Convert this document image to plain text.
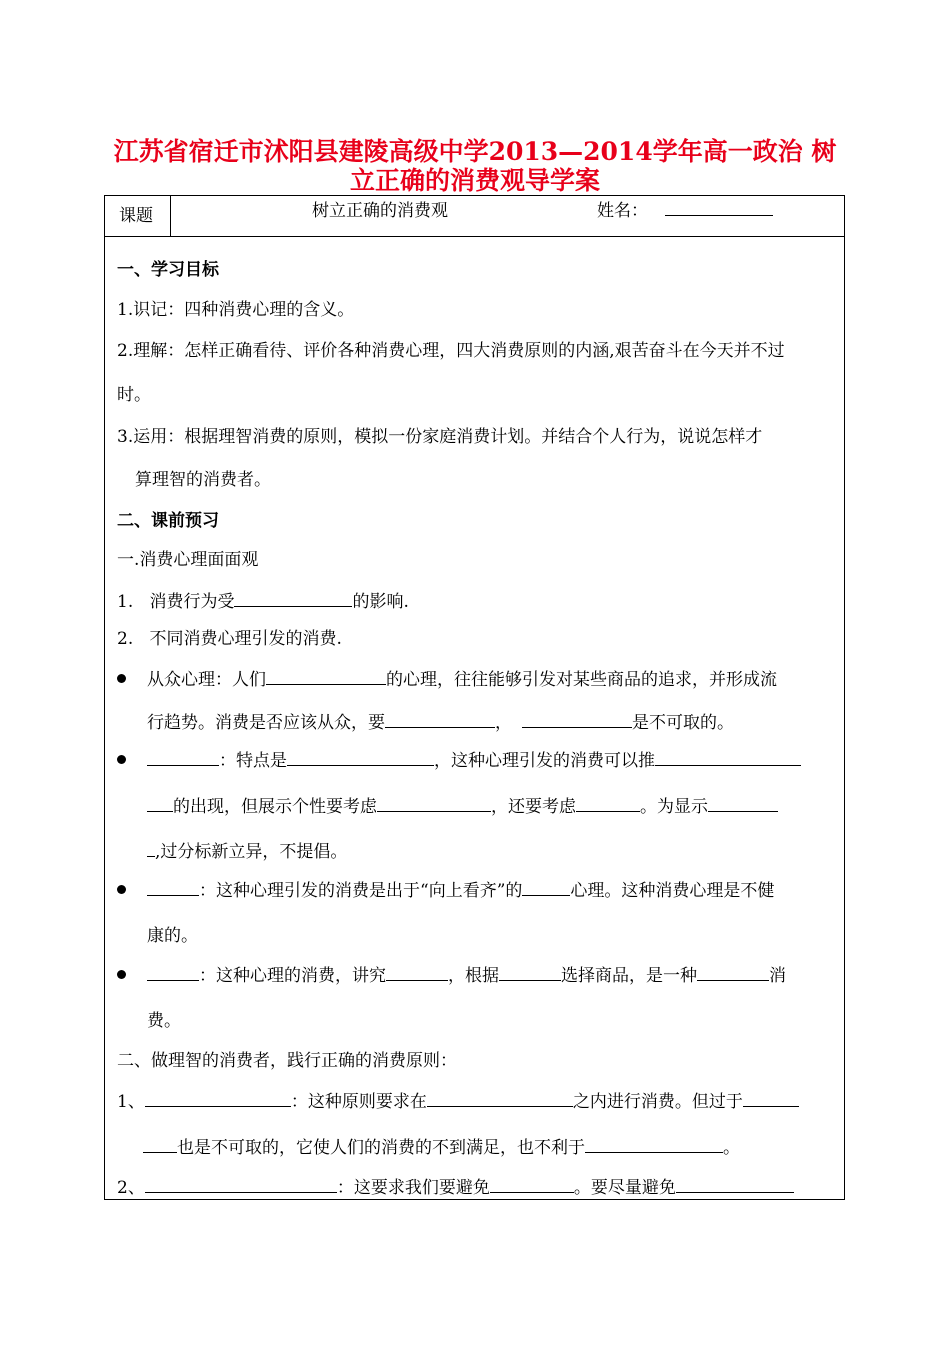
江苏省宿迁市沭阳县建陵高级中学2013—2014学年高一政治 树
立正确的消费观导学案
课题	树立正确的消费观	姓名：
一、学习目标
1.识记：四种消费心理的含义。
2.理解：怎样正确看待、评价各种消费心理，四大消费原则的内涵,艰苦奋斗在今天并不过
时。
3.运用：根据理智消费的原则，模拟一份家庭消费计划。并结合个人行为，说说怎样才
算理智的消费者。
二、课前预习
一.消费心理面面观
1. 消费行为受	的影响.
2. 不同消费心理引发的消费.
从众心理：人们	的心理，往往能够引发对某些商品的追求，并形成流
行趋势。消费是否应该从众，要	，	是不可取的。
：特点是	，这种心理引发的消费可以推
的出现，但展示个性要考虑	，还要考虑	。为显示
,过分标新立异，不提倡。
：这种心理引发的消费是出于“向上看齐”的	心理。这种消费心理是不健
康的。
：这种心理的消费，讲究	，根据	选择商品，是一种	消
费。
二、做理智的消费者，践行正确的消费原则：
1、	：这种原则要求在	之内进行消费。但过于
也是不可取的，它使人们的消费的不到满足，也不利于	。
2、	：这要求我们要避免	。要尽量避免
